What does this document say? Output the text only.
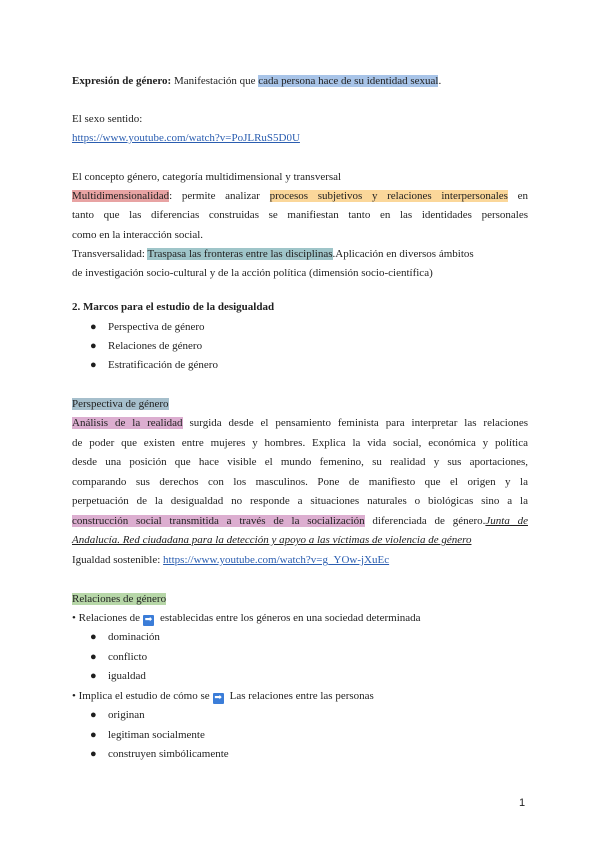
Expresión de género: Manifestación que cada persona hace de su identidad sexual.
El sexo sentido:
https://www.youtube.com/watch?v=PoJLRuS5D0U
El concepto género, categoría multidimensional y transversal
Multidimensionalidad: permite analizar procesos subjetivos y relaciones interpersonales en
tanto que las diferencias construidas se manifiestan tanto en las identidades personales
como en la interacción social.
Transversalidad: Traspasa las fronteras entre las disciplinas.Aplicación en diversos ámbitos
de investigación socio-cultural y de la acción política (dimensión socio-científica)
2. Marcos para el estudio de la desigualdad
● Perspectiva de género
● Relaciones de género
● Estratificación de género
Perspectiva de género
Análisis de la realidad surgida desde el pensamiento feminista para interpretar las relaciones
de poder que existen entre mujeres y hombres. Explica la vida social, económica y política
desde una posición que hace visible el mundo femenino, su realidad y sus aportaciones,
comparando sus derechos con los masculinos. Pone de manifiesto que el origen y la
perpetuación de la desigualdad no responde a situaciones naturales o biológicas sino a la
construcción social transmitida a través de la socialización diferenciada de género.Junta de
Andalucía. Red ciudadana para la detección y apoyo a las víctimas de violencia de género
Igualdad sostenible: https://www.youtube.com/watch?v=g_YOw-jXuEc
Relaciones de género
• Relaciones de ➡ establecidas entre los géneros en una sociedad determinada
● dominación
● conflicto
● igualdad
• Implica el estudio de cómo se ➡ Las relaciones entre las personas
● originan
● legitiman socialmente
● construyen simbólicamente
1
